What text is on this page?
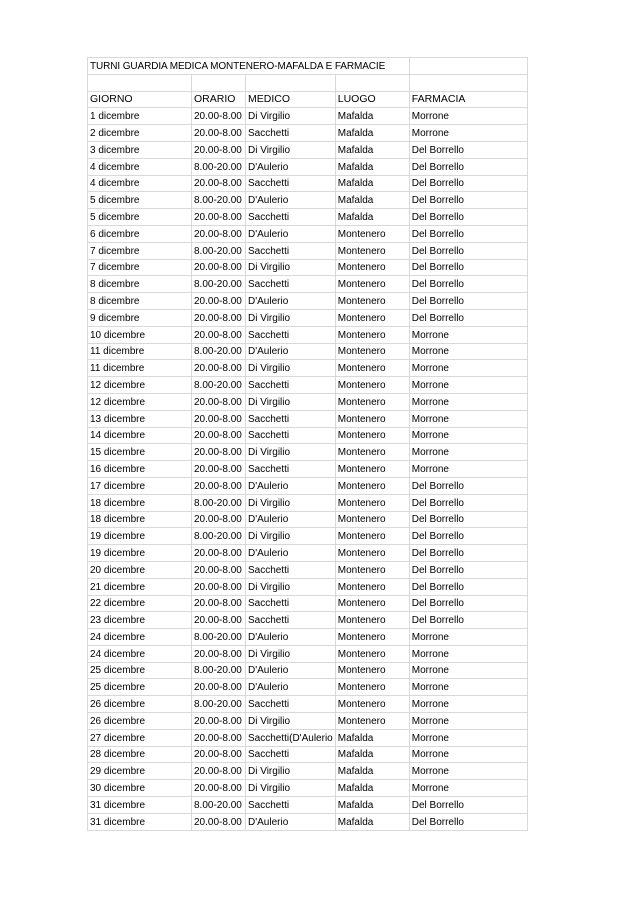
TURNI GUARDIA MEDICA MONTENERO-MAFALDA E FARMACIE				

GIORNO	ORARIO	MEDICO	LUOGO	FARMACIA
1 dicembre	20.00-8.00	Di Virgilio	Mafalda	Morrone
2 dicembre	20.00-8.00	Sacchetti	Mafalda	Morrone
3 dicembre	20.00-8.00	Di Virgilio	Mafalda	Del Borrello
4 dicembre	8.00-20.00	D'Aulerio	Mafalda	Del Borrello
4 dicembre	20.00-8.00	Sacchetti	Mafalda	Del Borrello
5 dicembre	8.00-20.00	D'Aulerio	Mafalda	Del Borrello
5 dicembre	20.00-8.00	Sacchetti	Mafalda	Del Borrello
6 dicembre	20.00-8.00	D'Aulerio	Montenero	Del Borrello
7 dicembre	8.00-20.00	Sacchetti	Montenero	Del Borrello
7 dicembre	20.00-8.00	Di Virgilio	Montenero	Del Borrello
8 dicembre	8.00-20.00	Sacchetti	Montenero	Del Borrello
8 dicembre	20.00-8.00	D'Aulerio	Montenero	Del Borrello
9 dicembre	20.00-8.00	Di Virgilio	Montenero	Del Borrello
10 dicembre	20.00-8.00	Sacchetti	Montenero	Morrone
11 dicembre	8.00-20.00	D'Aulerio	Montenero	Morrone
11 dicembre	20.00-8.00	Di Virgilio	Montenero	Morrone
12 dicembre	8.00-20.00	Sacchetti	Montenero	Morrone
12 dicembre	20.00-8.00	Di Virgilio	Montenero	Morrone
13 dicembre	20.00-8.00	Sacchetti	Montenero	Morrone
14 dicembre	20.00-8.00	Sacchetti	Montenero	Morrone
15 dicembre	20.00-8.00	Di Virgilio	Montenero	Morrone
16 dicembre	20.00-8.00	Sacchetti	Montenero	Morrone
17 dicembre	20.00-8.00	D'Aulerio	Montenero	Del Borrello
18 dicembre	8.00-20.00	Di Virgilio	Montenero	Del Borrello
18 dicembre	20.00-8.00	D'Aulerio	Montenero	Del Borrello
19 dicembre	8.00-20.00	Di Virgilio	Montenero	Del Borrello
19 dicembre	20.00-8.00	D'Aulerio	Montenero	Del Borrello
20 dicembre	20.00-8.00	Sacchetti	Montenero	Del Borrello
21 dicembre	20.00-8.00	Di Virgilio	Montenero	Del Borrello
22 dicembre	20.00-8.00	Sacchetti	Montenero	Del Borrello
23 dicembre	20.00-8.00	Sacchetti	Montenero	Del Borrello
24 dicembre	8.00-20.00	D'Aulerio	Montenero	Morrone
24 dicembre	20.00-8.00	Di Virgilio	Montenero	Morrone
25 dicembre	8.00-20.00	D'Aulerio	Montenero	Morrone
25 dicembre	20.00-8.00	D'Aulerio	Montenero	Morrone
26 dicembre	8.00-20.00	Sacchetti	Montenero	Morrone
26 dicembre	20.00-8.00	Di Virgilio	Montenero	Morrone
27 dicembre	20.00-8.00	Sacchetti(D'Aulerio	Mafalda	Morrone
28 dicembre	20.00-8.00	Sacchetti	Mafalda	Morrone
29 dicembre	20.00-8.00	Di Virgilio	Mafalda	Morrone
30 dicembre	20.00-8.00	Di Virgilio	Mafalda	Morrone
31 dicembre	8.00-20.00	Sacchetti	Mafalda	Del Borrello
31 dicembre	20.00-8.00	D'Aulerio	Mafalda	Del Borrello
